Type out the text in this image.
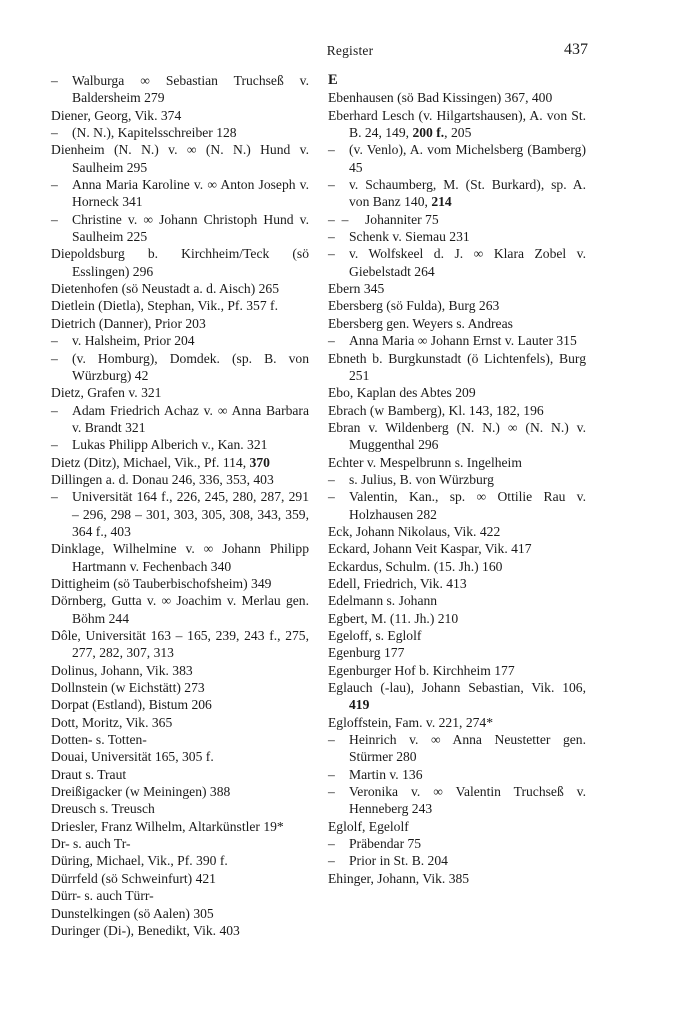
Register	437
– Walburga ∞ Sebastian Truchseß v. Baldersheim 279
Diener, Georg, Vik. 374
– (N. N.), Kapitelsschreiber 128
Dienheim (N. N.) v. ∞ (N. N.) Hund v. Saulheim 295
– Anna Maria Karoline v. ∞ Anton Joseph v. Horneck 341
– Christine v. ∞ Johann Christoph Hund v. Saulheim 225
Diepoldsburg b. Kirchheim/Teck (sö Esslingen) 296
Dietenhofen (sö Neustadt a. d. Aisch) 265
Dietlein (Dietla), Stephan, Vik., Pf. 357 f.
Dietrich (Danner), Prior 203
– v. Halsheim, Prior 204
– (v. Homburg), Domdek. (sp. B. von Würzburg) 42
Dietz, Grafen v. 321
– Adam Friedrich Achaz v. ∞ Anna Barbara v. Brandt 321
– Lukas Philipp Alberich v., Kan. 321
Dietz (Ditz), Michael, Vik., Pf. 114, 370
Dillingen a. d. Donau 246, 336, 353, 403
– Universität 164 f., 226, 245, 280, 287, 291 – 296, 298 – 301, 303, 305, 308, 343, 359, 364 f., 403
Dinklage, Wilhelmine v. ∞ Johann Philipp Hartmann v. Fechenbach 340
Dittigheim (sö Tauberbischofsheim) 349
Dörnberg, Gutta v. ∞ Joachim v. Merlau gen. Böhm 244
Dôle, Universität 163 – 165, 239, 243 f., 275, 277, 282, 307, 313
Dolinus, Johann, Vik. 383
Dollnstein (w Eichstätt) 273
Dorpat (Estland), Bistum 206
Dott, Moritz, Vik. 365
Dotten- s. Totten-
Douai, Universität 165, 305 f.
Draut s. Traut
Dreißigacker (w Meiningen) 388
Dreusch s. Treusch
Driesler, Franz Wilhelm, Altarkünstler 19*
Dr- s. auch Tr-
Düring, Michael, Vik., Pf. 390 f.
Dürrfeld (sö Schweinfurt) 421
Dürr- s. auch Türr-
Dunstelkingen (sö Aalen) 305
Duringer (Di-), Benedikt, Vik. 403
E
Ebenhausen (sö Bad Kissingen) 367, 400
Eberhard Lesch (v. Hilgartshausen), A. von St. B. 24, 149, 200 f., 205
– (v. Venlo), A. vom Michelsberg (Bamberg) 45
– v. Schaumberg, M. (St. Burkard), sp. A. von Banz 140, 214
– – Johanniter 75
– Schenk v. Siemau 231
– v. Wolfskeel d. J. ∞ Klara Zobel v. Giebelstadt 264
Ebern 345
Ebersberg (sö Fulda), Burg 263
Ebersberg gen. Weyers s. Andreas
– Anna Maria ∞ Johann Ernst v. Lauter 315
Ebneth b. Burgkunstadt (ö Lichtenfels), Burg 251
Ebo, Kaplan des Abtes 209
Ebrach (w Bamberg), Kl. 143, 182, 196
Ebran v. Wildenberg (N. N.) ∞ (N. N.) v. Muggenthal 296
Echter v. Mespelbrunn s. Ingelheim
– s. Julius, B. von Würzburg
– Valentin, Kan., sp. ∞ Ottilie Rau v. Holzhausen 282
Eck, Johann Nikolaus, Vik. 422
Eckard, Johann Veit Kaspar, Vik. 417
Eckardus, Schulm. (15. Jh.) 160
Edell, Friedrich, Vik. 413
Edelmann s. Johann
Egbert, M. (11. Jh.) 210
Egeloff, s. Eglolf
Egenburg 177
Egenburger Hof b. Kirchheim 177
Eglauch (-lau), Johann Sebastian, Vik. 106, 419
Egloffstein, Fam. v. 221, 274*
– Heinrich v. ∞ Anna Neustetter gen. Stürmer 280
– Martin v. 136
– Veronika v. ∞ Valentin Truchseß v. Henneberg 243
Eglolf, Egelolf
– Präbendar 75
– Prior in St. B. 204
Ehinger, Johann, Vik. 385
